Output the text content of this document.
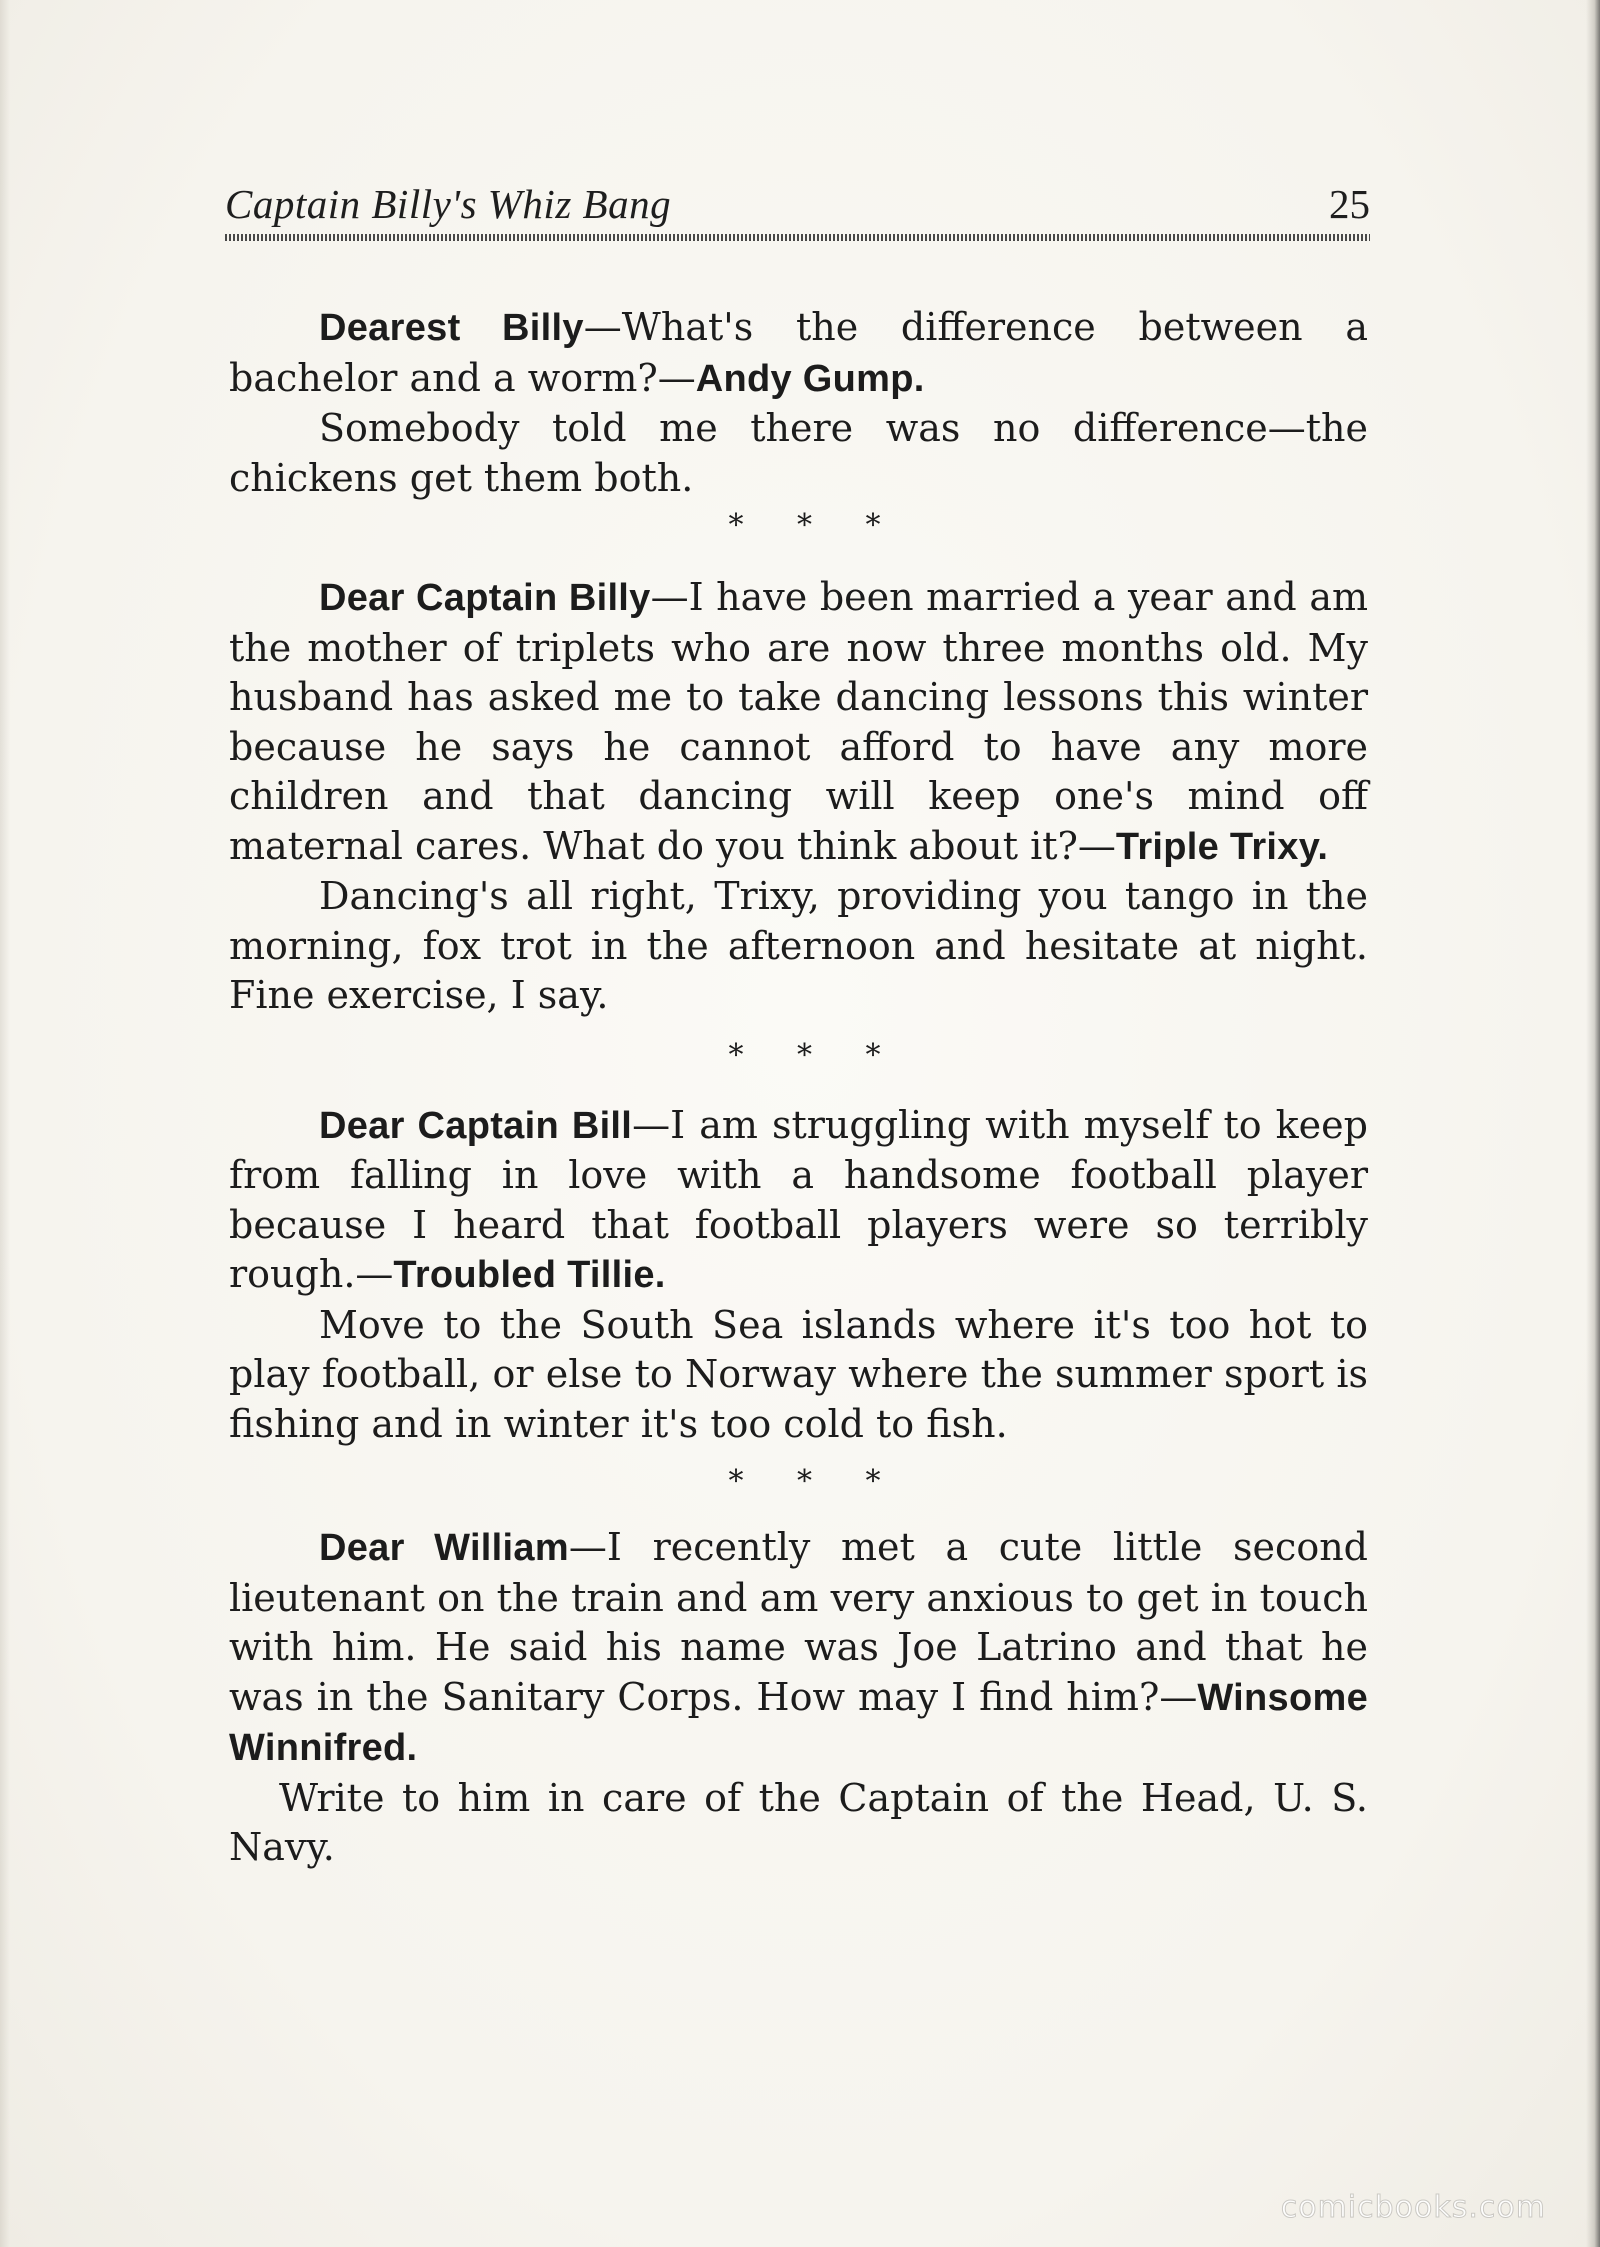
Captain Billy's Whiz Bang	25

Dearest Billy—What's the difference between a bachelor and a worm?—Andy Gump.

Somebody told me there was no difference—the chickens get them both.

* * *

Dear Captain Billy—I have been married a year and am the mother of triplets who are now three months old. My husband has asked me to take dancing lessons this winter because he says he cannot afford to have any more children and that dancing will keep one's mind off maternal cares. What do you think about it?—Triple Trixy.

Dancing's all right, Trixy, providing you tango in the morning, fox trot in the afternoon and hesitate at night. Fine exercise, I say.

* * *

Dear Captain Bill—I am struggling with myself to keep from falling in love with a handsome football player because I heard that football players were so terribly rough.—Troubled Tillie.

Move to the South Sea islands where it's too hot to play football, or else to Norway where the summer sport is fishing and in winter it's too cold to fish.

* * *

Dear William—I recently met a cute little second lieutenant on the train and am very anxious to get in touch with him. He said his name was Joe Latrino and that he was in the Sanitary Corps. How may I find him?—Winsome Winnifred.

Write to him in care of the Captain of the Head, U. S. Navy.

comicbooks.com
